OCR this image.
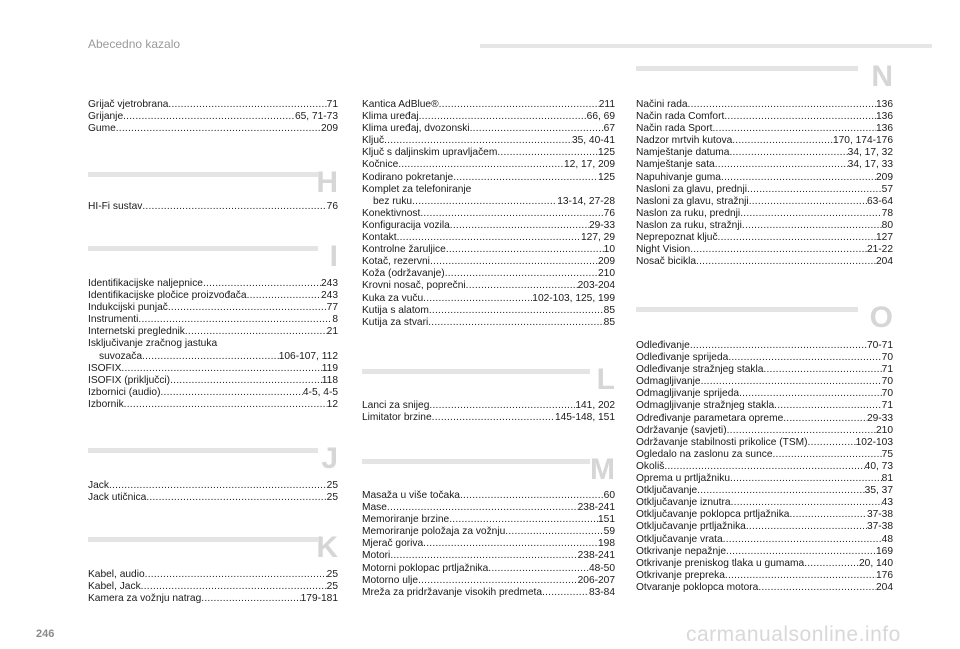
Abecedno kazalo
Grijač vjetrobrana . . .	71
Grijanje . . .	65, 71-73
Gume . . .	209
H
HI-Fi sustav . . .	76
I
Identifikacijske naljepnice . . .	243
Identifikacijske pločice proizvođača . . .	243
Indukcijski punjač . . .	77
Instrumenti . . .	8
Internetski preglednik . . .	21
Isključivanje zračnog jastuka
suvozača . . .	106-107, 112
ISOFIX . . .	119
ISOFIX (priključci) . . .	118
Izbornici (audio) . . .	4-5, 4-5
Izbornik . . .	12
J
Jack . . .	25
Jack utičnica . . .	25
K
Kabel, audio . . .	25
Kabel, Jack . . .	25
Kamera za vožnju natrag . . .	179-181
Kantica AdBlue® . . .	211
Klima uređaj . . .	66, 69
Klima uređaj, dvozonski . . .	67
Ključ . . .	35, 40-41
Ključ s daljinskim upravljačem . . .	125
Kočnice . . .	12, 17, 209
Kodirano pokretanje . . .	125
Komplet za telefoniranje
bez ruku . . .	13-14, 27-28
Konektivnost . . .	76
Konfiguracija vozila . . .	29-33
Kontakt . . .	127, 29
Kontrolne žaruljice . . .	10
Kotač, rezervni . . .	209
Koža (održavanje) . . .	210
Krovni nosač, poprečni . . .	203-204
Kuka za vuču . . .	102-103, 125, 199
Kutija s alatom . . .	85
Kutija za stvari . . .	85
L
Lanci za snijeg . . .	141, 202
Limitator brzine . . .	145-148, 151
M
Masaža u više točaka . . .	60
Mase . . .	238-241
Memoriranje brzine . . .	151
Memoriranje položaja za vožnju . . .	59
Mjerač goriva . . .	198
Motori . . .	238-241
Motorni poklopac prtljažnika . . .	48-50
Motorno ulje . . .	206-207
Mreža za pridržavanje visokih predmeta . . .	83-84
N
Načini rada . . .	136
Način rada Comfort . . .	136
Način rada Sport . . .	136
Nadzor mrtvih kutova . . .	170, 174-176
Namještanje datuma . . .	34, 17, 32
Namještanje sata . . .	34, 17, 33
Napuhivanje guma . . .	209
Nasloni za glavu, prednji . . .	57
Nasloni za glavu, stražnji . . .	63-64
Naslon za ruku, prednji . . .	78
Naslon za ruku, stražnji . . .	80
Neprepoznat ključ . . .	127
Night Vision . . .	21-22
Nosač bicikla . . .	204
O
Odleđivanje . . .	70-71
Odleđivanje sprijeda . . .	70
Odleđivanje stražnjeg stakla . . .	71
Odmagljivanje . . .	70
Odmagljivanje sprijeda . . .	70
Odmagljivanje stražnjeg stakla . . .	71
Određivanje parametara opreme . . .	29-33
Održavanje (savjeti) . . .	210
Održavanje stabilnosti prikolice (TSM) . . .	102-103
Ogledalo na zaslonu za sunce . . .	75
Okoliš . . .	40, 73
Oprema u prtljažniku . . .	81
Otključavanje . . .	35, 37
Otključavanje iznutra . . .	43
Otključavanje poklopca prtljažnika . . .	37-38
Otključavanje prtljažnika . . .	37-38
Otključavanje vrata . . .	48
Otkrivanje nepažnje . . .	169
Otkrivanje preniskog tlaka u gumama . . .	20, 140
Otkrivanje prepreka . . .	176
Otvaranje poklopca motora . . .	204
246	carmanualsonline.info
